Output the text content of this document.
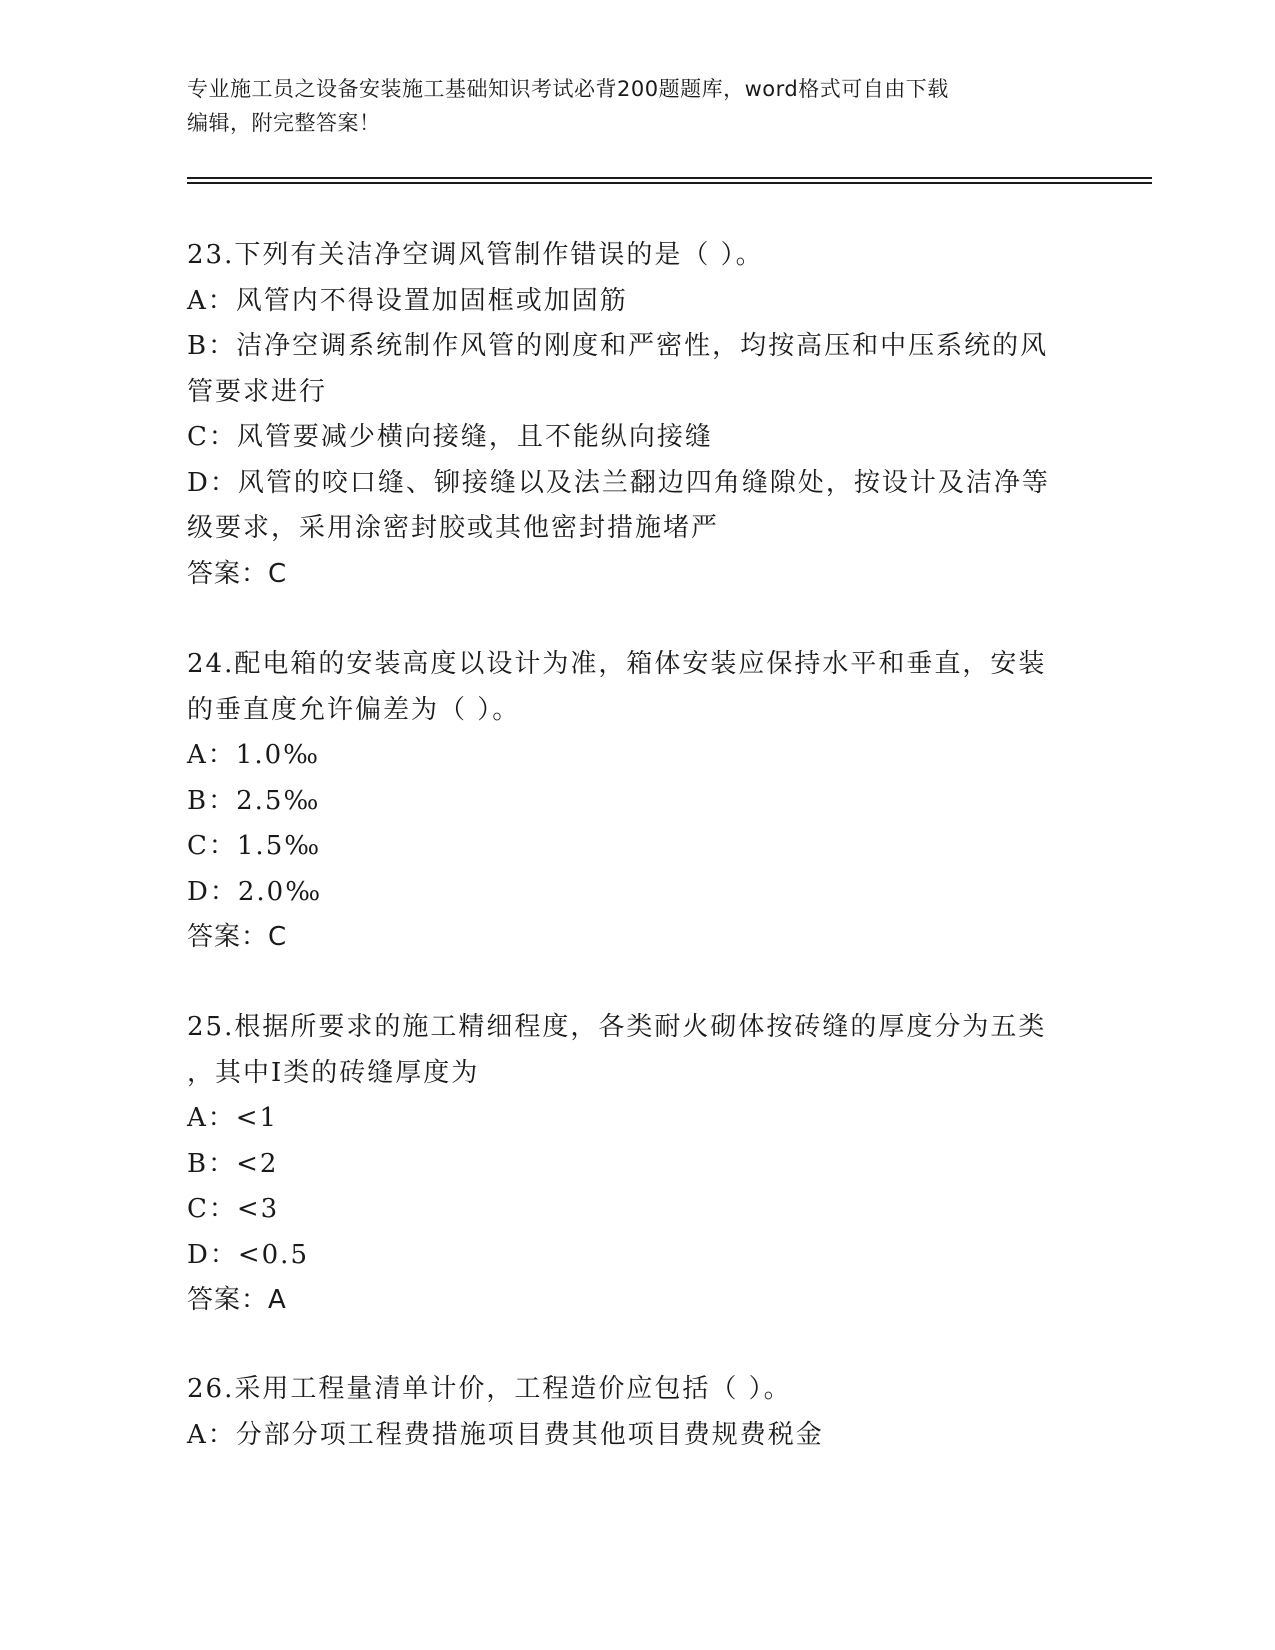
专业施工员之设备安装施工基础知识考试必背200题题库，word格式可自由下载
编辑，附完整答案！
23.下列有关洁净空调风管制作错误的是（ ）。
A：风管内不得设置加固框或加固筋
B：洁净空调系统制作风管的刚度和严密性，均按高压和中压系统的风
管要求进行
C：风管要减少横向接缝，且不能纵向接缝
D：风管的咬口缝、铆接缝以及法兰翻边四角缝隙处，按设计及洁净等
级要求，采用涂密封胶或其他密封措施堵严
答案：C
24.配电箱的安装高度以设计为准，箱体安装应保持水平和垂直，安装
的垂直度允许偏差为（ ）。
A：1.0‰
B：2.5‰
C：1.5‰
D：2.0‰
答案：C
25.根据所要求的施工精细程度，各类耐火砌体按砖缝的厚度分为五类
，其中Ⅰ类的砖缝厚度为
A：<1
B：<2
C：<3
D：<0.5
答案：A
26.采用工程量清单计价，工程造价应包括（ ）。
A：分部分项工程费措施项目费其他项目费规费税金
